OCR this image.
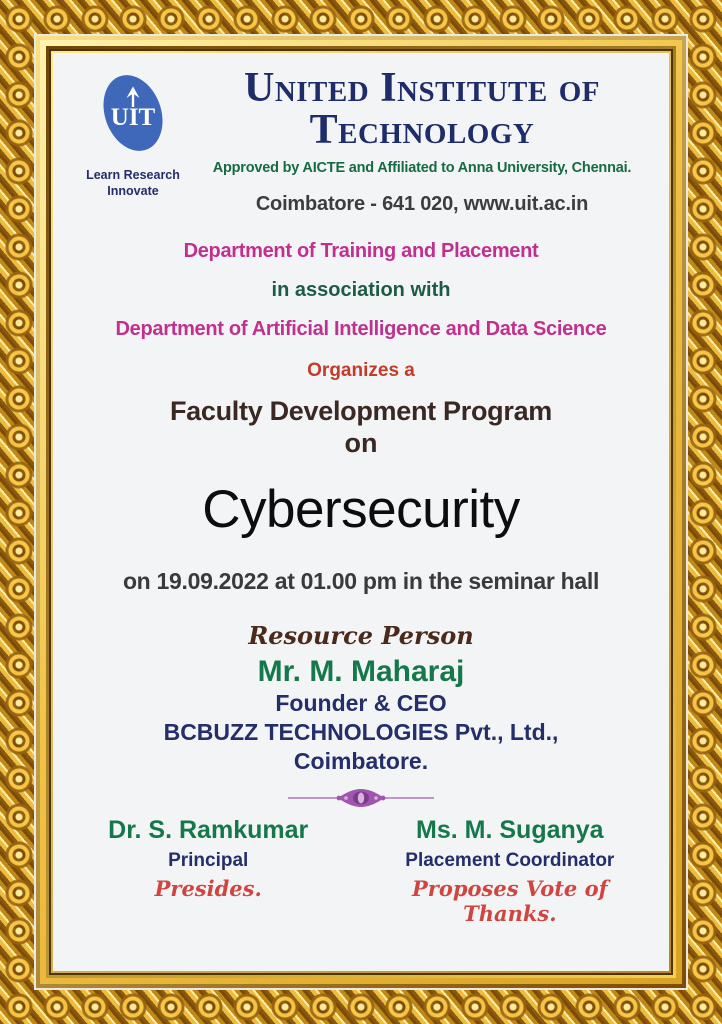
UIT
Learn Research
Innovate
United Institute of
Technology
Approved by AICTE and Affiliated to Anna University, Chennai.
Coimbatore - 641 020, www.uit.ac.in
Department of Training and Placement
in association with
Department of Artificial Intelligence and Data Science
Organizes a
Faculty Development Program
on
Cybersecurity
on 19.09.2022 at 01.00 pm in the seminar hall
Resource Person
Mr. M. Maharaj
Founder & CEO
BCBUZZ TECHNOLOGIES Pvt., Ltd.,
Coimbatore.
Dr. S. Ramkumar
Principal
Presides.
Ms. M. Suganya
Placement Coordinator
Proposes Vote of Thanks.
